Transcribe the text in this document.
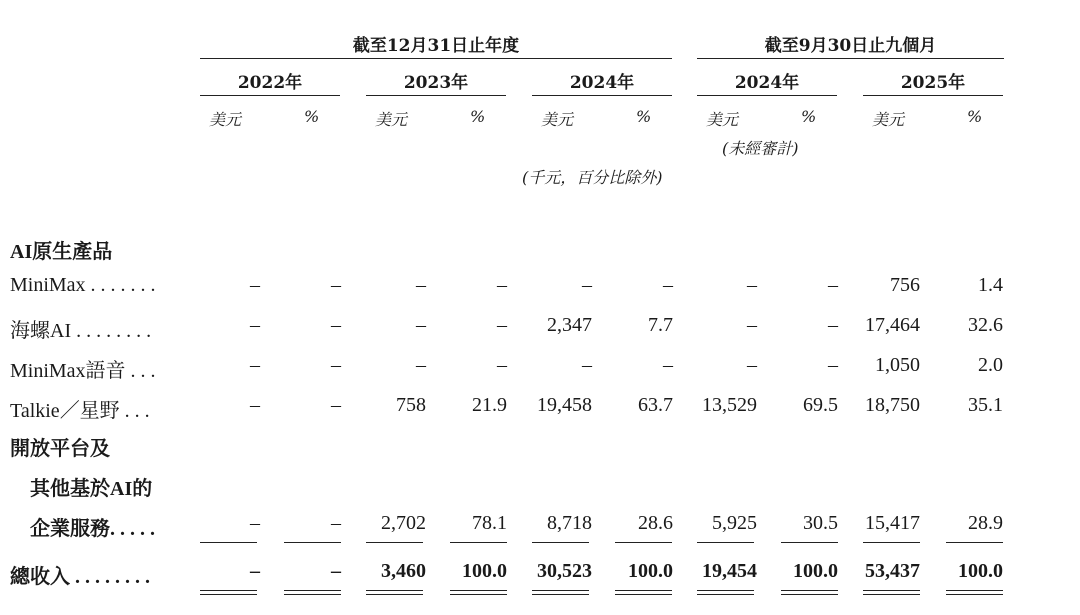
截至12月31日止年度	截至9月30日止九個月
2022年	2023年	2024年	2024年	2025年
美元	%	美元	%	美元	%	美元	%	美元	%
(未經審計)
(千元，百分比除外)
AI原生產品
MiniMax . . . . . . .	–	–	–	–	–	–	–	–	756	1.4
海螺AI . . . . . . . .	–	–	–	–	2,347	7.7	–	–	17,464	32.6
MiniMax語音 . . .	–	–	–	–	–	–	–	–	1,050	2.0
Talkie／星野 . . .	–	–	758	21.9	19,458	63.7	13,529	69.5	18,750	35.1
開放平台及
其他基於AI的
企業服務. . . . .	–	–	2,702	78.1	8,718	28.6	5,925	30.5	15,417	28.9
總收入 . . . . . . . .	–	–	3,460	100.0	30,523	100.0	19,454	100.0	53,437	100.0
